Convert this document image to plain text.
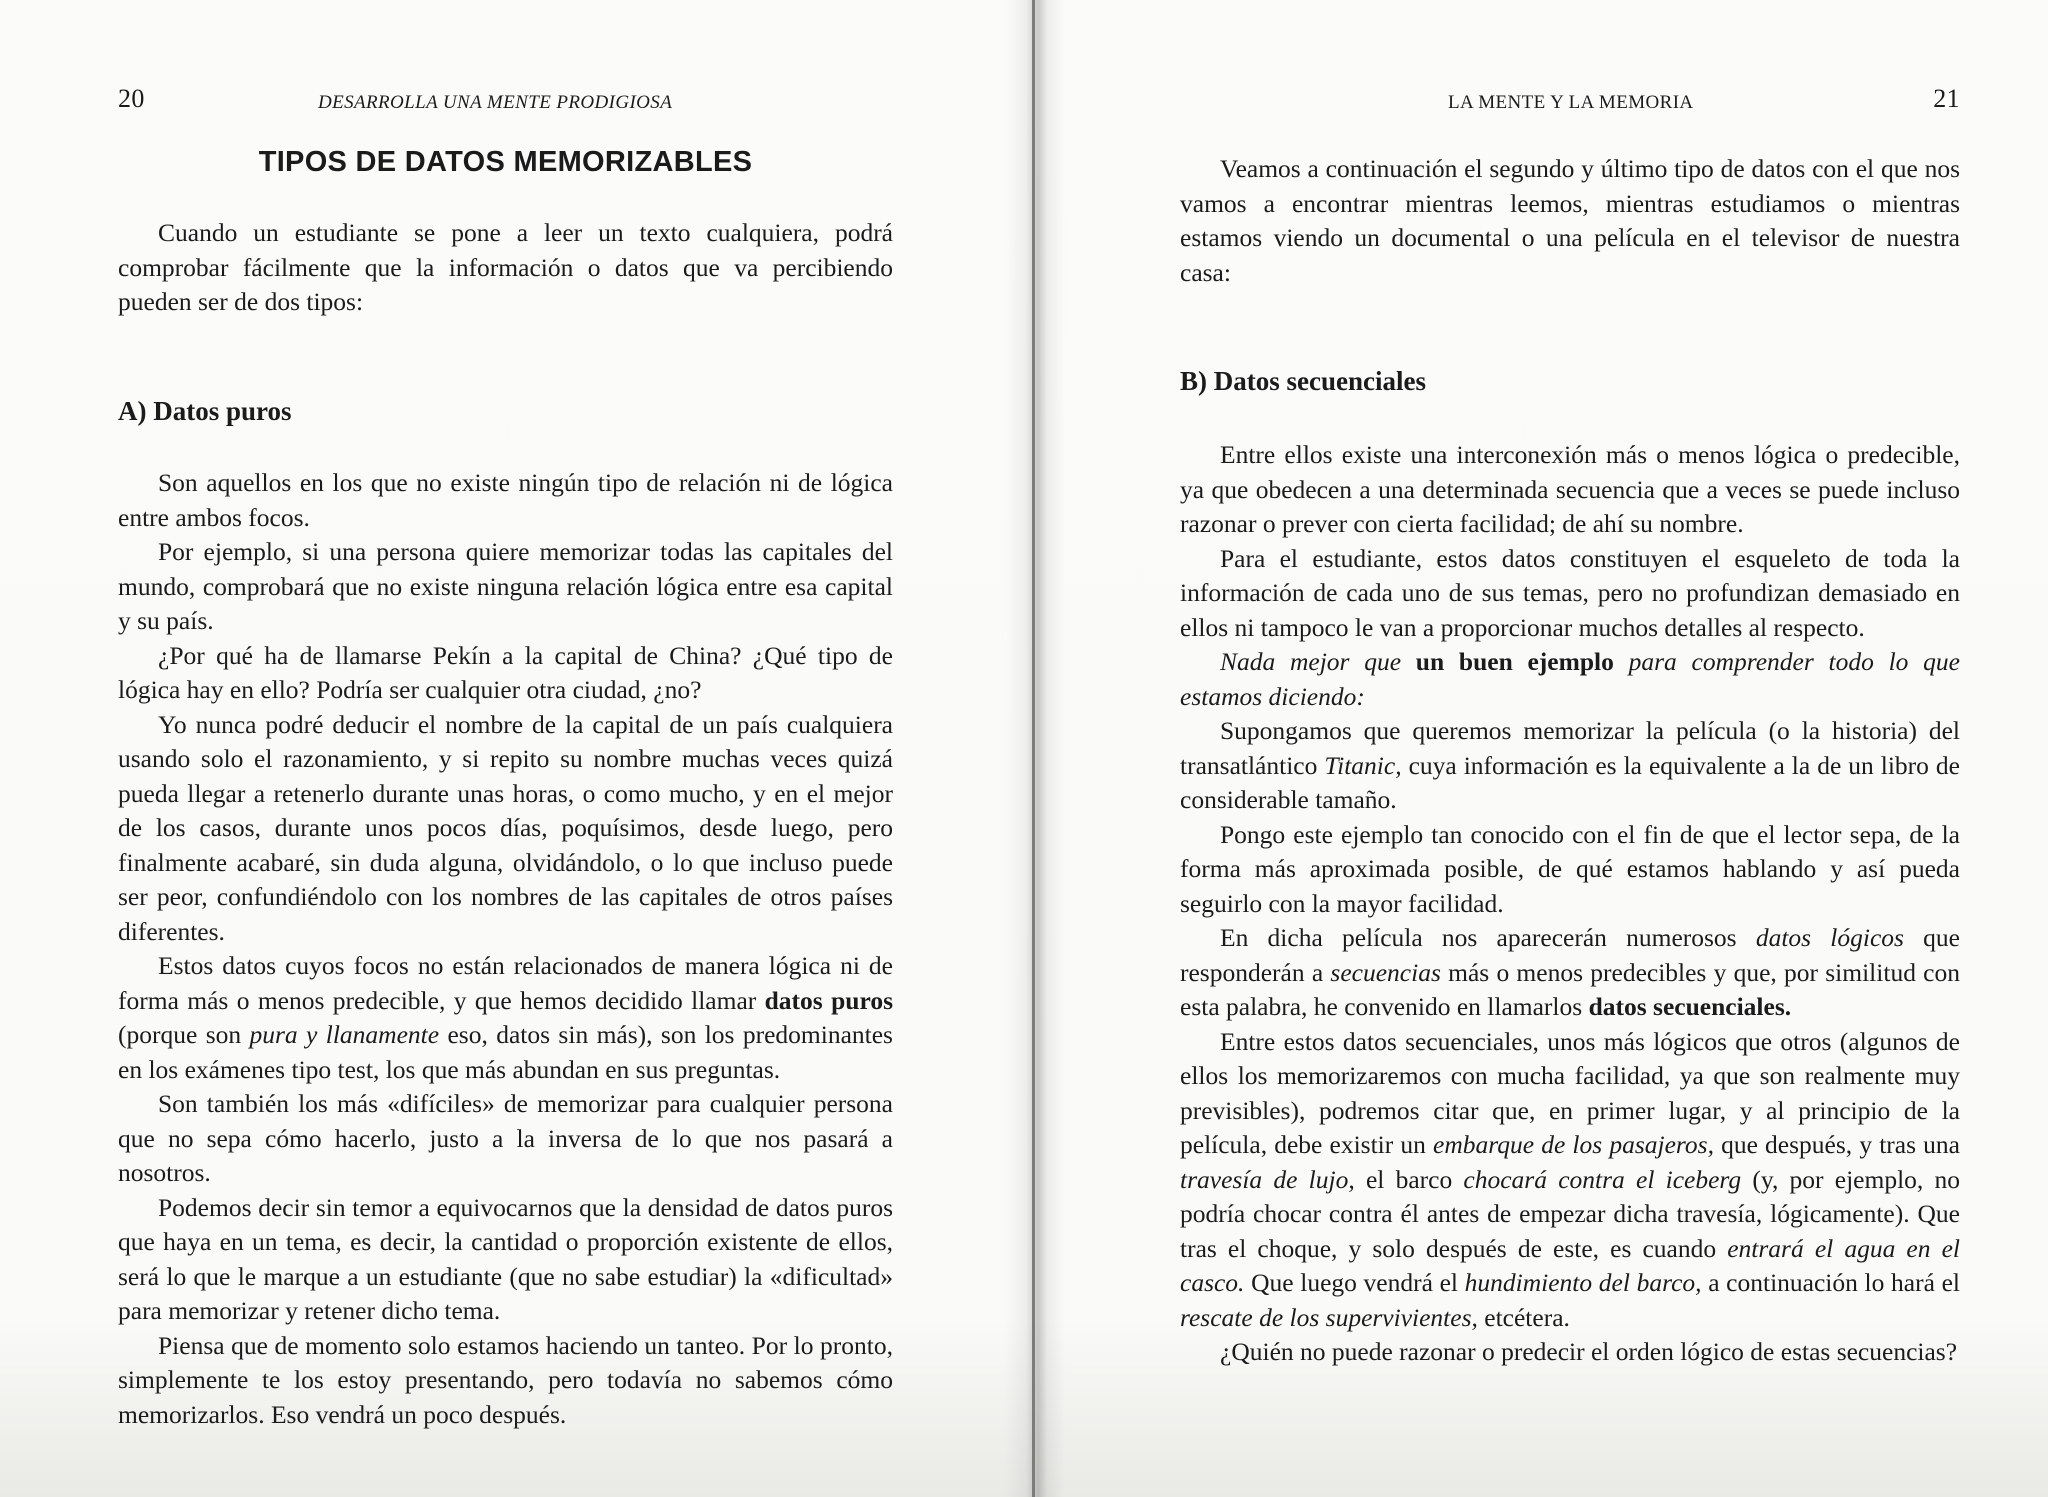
20	DESARROLLA UNA MENTE PRODIGIOSA
TIPOS DE DATOS MEMORIZABLES

Cuando un estudiante se pone a leer un texto cualquiera, podrá comprobar fácilmente que la información o datos que va percibiendo pueden ser de dos tipos:

A) Datos puros

Son aquellos en los que no existe ningún tipo de relación ni de lógica entre ambos focos.

Por ejemplo, si una persona quiere memorizar todas las capitales del mundo, comprobará que no existe ninguna relación lógica entre esa capital y su país.

¿Por qué ha de llamarse Pekín a la capital de China? ¿Qué tipo de lógica hay en ello? Podría ser cualquier otra ciudad, ¿no?

Yo nunca podré deducir el nombre de la capital de un país cualquiera usando solo el razonamiento, y si repito su nombre muchas veces quizá pueda llegar a retenerlo durante unas horas, o como mucho, y en el mejor de los casos, durante unos pocos días, poquísimos, desde luego, pero finalmente acabaré, sin duda alguna, olvidándolo, o lo que incluso puede ser peor, confundiéndolo con los nombres de las capitales de otros países diferentes.

Estos datos cuyos focos no están relacionados de manera lógica ni de forma más o menos predecible, y que hemos decidido llamar datos puros (porque son pura y llanamente eso, datos sin más), son los predominantes en los exámenes tipo test, los que más abundan en sus preguntas.

Son también los más «difíciles» de memorizar para cualquier persona que no sepa cómo hacerlo, justo a la inversa de lo que nos pasará a nosotros.

Podemos decir sin temor a equivocarnos que la densidad de datos puros que haya en un tema, es decir, la cantidad o proporción existente de ellos, será lo que le marque a un estudiante (que no sabe estudiar) la «dificultad» para memorizar y retener dicho tema.

Piensa que de momento solo estamos haciendo un tanteo. Por lo pronto, simplemente te los estoy presentando, pero todavía no sabemos cómo memorizarlos. Eso vendrá un poco después.

LA MENTE Y LA MEMORIA	21

Veamos a continuación el segundo y último tipo de datos con el que nos vamos a encontrar mientras leemos, mientras estudiamos o mientras estamos viendo un documental o una película en el televisor de nuestra casa:

B) Datos secuenciales

Entre ellos existe una interconexión más o menos lógica o predecible, ya que obedecen a una determinada secuencia que a veces se puede incluso razonar o prever con cierta facilidad; de ahí su nombre.

Para el estudiante, estos datos constituyen el esqueleto de toda la información de cada uno de sus temas, pero no profundizan demasiado en ellos ni tampoco le van a proporcionar muchos detalles al respecto.

Nada mejor que un buen ejemplo para comprender todo lo que estamos diciendo:

Supongamos que queremos memorizar la película (o la historia) del transatlántico Titanic, cuya información es la equivalente a la de un libro de considerable tamaño.

Pongo este ejemplo tan conocido con el fin de que el lector sepa, de la forma más aproximada posible, de qué estamos hablando y así pueda seguirlo con la mayor facilidad.

En dicha película nos aparecerán numerosos datos lógicos que responderán a secuencias más o menos predecibles y que, por similitud con esta palabra, he convenido en llamarlos datos secuenciales.

Entre estos datos secuenciales, unos más lógicos que otros (algunos de ellos los memorizaremos con mucha facilidad, ya que son realmente muy previsibles), podremos citar que, en primer lugar, y al principio de la película, debe existir un embarque de los pasajeros, que después, y tras una travesía de lujo, el barco chocará contra el iceberg (y, por ejemplo, no podría chocar contra él antes de empezar dicha travesía, lógicamente). Que tras el choque, y solo después de este, es cuando entrará el agua en el casco. Que luego vendrá el hundimiento del barco, a continuación lo hará el rescate de los supervivientes, etcétera.

¿Quién no puede razonar o predecir el orden lógico de estas secuencias?
